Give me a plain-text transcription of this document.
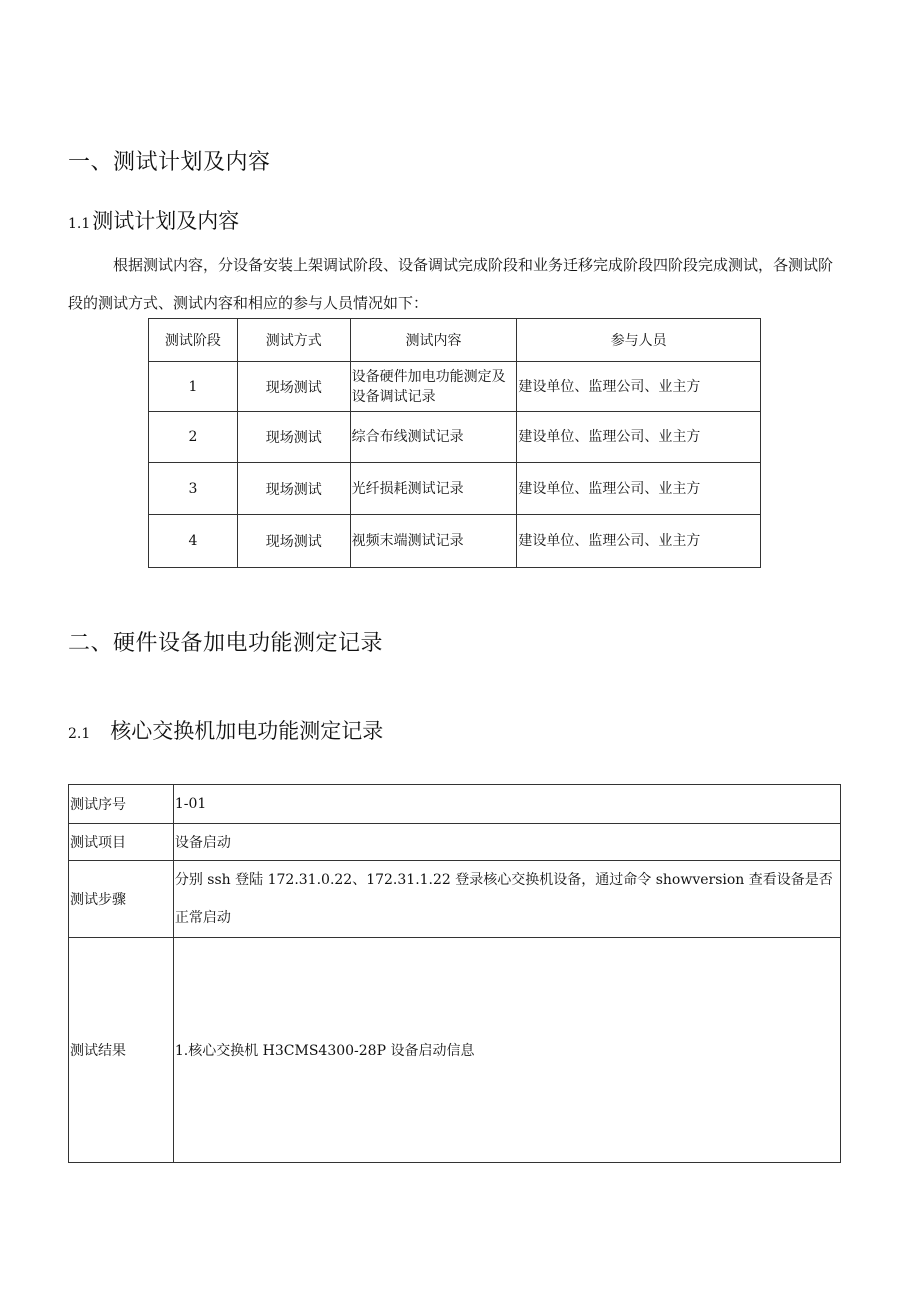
一、测试计划及内容
1.1测试计划及内容

根据测试内容，分设备安装上架调试阶段、设备调试完成阶段和业务迁移完成阶段四阶段完成测试，各测试阶段的测试方式、测试内容和相应的参与人员情况如下：

测试阶段	测试方式	测试内容	参与人员
1	现场测试	设备硬件加电功能测定及设备调试记录	建设单位、监理公司、业主方
2	现场测试	综合布线测试记录	建设单位、监理公司、业主方
3	现场测试	光纤损耗测试记录	建设单位、监理公司、业主方
4	现场测试	视频末端测试记录	建设单位、监理公司、业主方
二、硬件设备加电功能测定记录
2.1 核心交换机加电功能测定记录
测试序号	1-01
测试项目	设备启动
测试步骤	分别 ssh 登陆 172.31.0.22、172.31.1.22 登录核心交换机设备，通过命令 showversion 查看设备是否正常启动
测试结果	1.核心交换机 H3CMS4300-28P 设备启动信息
